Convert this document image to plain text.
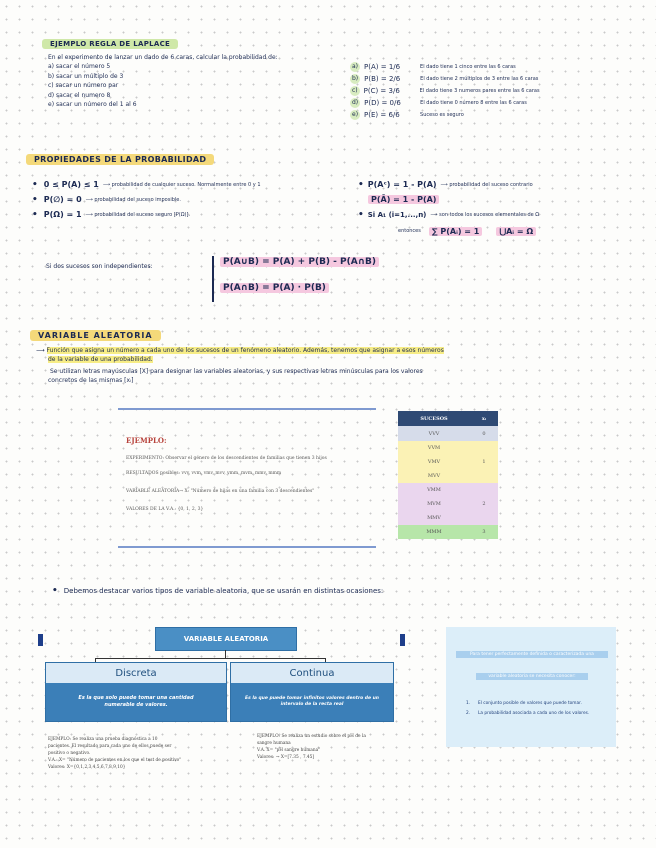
EJEMPLO REGLA DE LAPLACE
En el experimento de lanzar un dado de 6 caras, calcular la probabilidad de:
a) sacar el número 5
b) sacar un múltiplo de 3
c) sacar un número par
d) sacar el numero 8
e) sacar un número del 1 al 6
a) P(A) = 1/6	El dado tiene 1 cinco entre las 6 caras
b) P(B) = 2/6	El dado tiene 2 múltiplos de 3 entre las 6 caras
c) P(C) = 3/6	El dado tiene 3 numeros pares entre las 6 caras
d) P(D) = 0/6	El dado tiene 0 número 8 entre las 6 caras
e) P(E) = 6/6	Suceso es seguro
PROPIEDADES DE LA PROBABILIDAD
• 0 ≤ P(A) ≤ 1 ⟶ probabilidad de cualquier suceso. Normalmente entre 0 y 1
• P(∅) = 0 ⟶ probabilidad del suceso imposible.
• P(Ω) = 1 ⟶ probabilidad del suceso seguro [P(Ω)].
• P(Aᶜ) = 1 - P(A) ⟶ probabilidad del suceso contrario
P(Ā) = 1 - P(A)
• Si A₁ (i=1,...,n) ⟶ son todos los sucesos elementales de Ω
entonces	∑ P(Aᵢ) = 1	⋃Aᵢ = Ω
Si dos sucesos son independientes:	P(A∪B) = P(A) + P(B) - P(A∩B)
P(A∩B) = P(A) · P(B)
VARIABLE ALEATORIA
⟶ Función que asigna un número a cada uno de los sucesos de un fenómeno aleatorio. Además, tenemos que asignar a esos números
de la variable de una probabilidad.
Se utilizan letras mayúsculas [X] para designar las variables aleatorias, y sus respectivas letras minúsculas para los valores
concretos de las mismas [xᵢ]
EJEMPLO:
EXPERIMENTO: Observar el género de los descendientes de familias que tienen 3 hijos
RESULTADOS posibles: vvv, vvm, vmv, mvv, vmm, mvm, mmv, mmm
VARIABLE ALEATORIA→ X: "Número de hijas en una familia con 3 descendientes"
VALORES DE LA V.A.: {0, 1, 2, 3}
SUCESOS	xᵢ
VVV	0
VVM	1
VMV	
MVV	
VMM	2
MVM	
MMV	
MMM	3
• Debemos destacar varios tipos de variable aleatoria, que se usarán en distintas ocasiones:
VARIABLE ALEATORIA
Discreta
Es la que solo puede tomar una cantidad numerable de valores.
Continua
Es la que puede tomar infinitos valores dentro de un intervalo de la recta real
EJEMPLO: Se realiza una prueba diagnóstica a 10
pacientes. El resultado para cada uno de ellos puede ser
positivo o negativo.
V.A.: X= "Número de pacientes en los que el test de positivo"
Valores: X={0,1,2,3,4,5,6,7,8,9,10}
EJEMPLO: Se realiza un estudio sobre el pH de la
sangre humana
V.A. X= "pH sangre humana"
Valores: → X=[7.35 , 7.45]
Para tener perfectamente definida o caracterizada una
variable aleatoria se necesita conocer:
1.	El conjunto posible de valores que puede tomar.
2.	La probabilidad asociada a cada uno de los valores.
